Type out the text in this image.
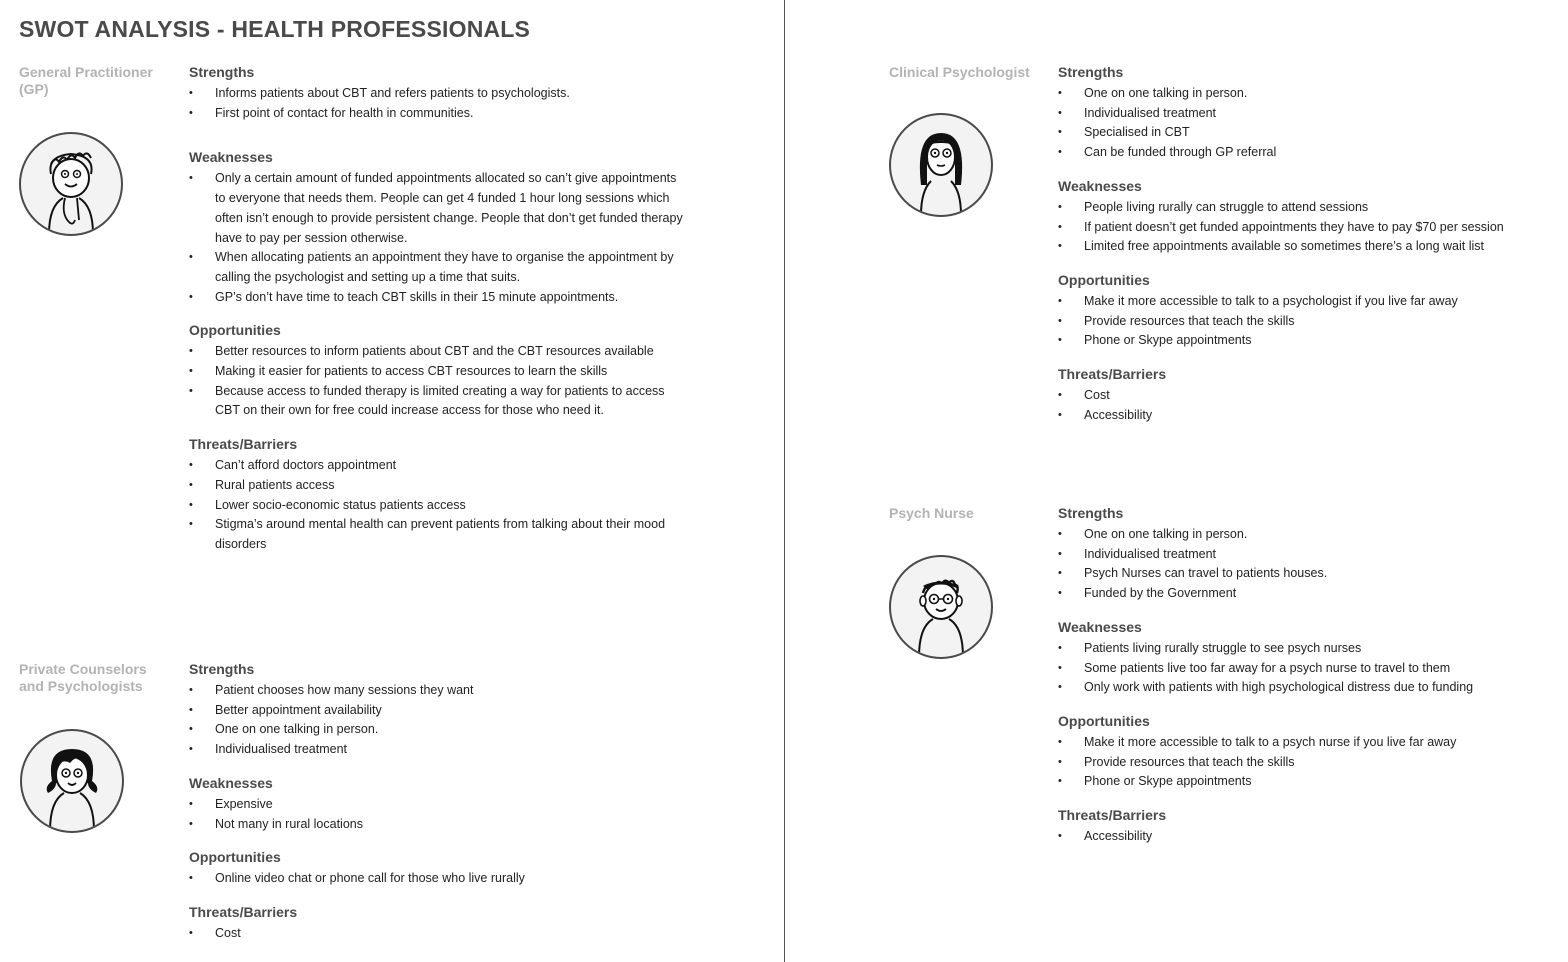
SWOT ANALYSIS - HEALTH PROFESSIONALS
General Practitioner (GP)
Strengths
• Informs patients about CBT and refers patients to psychologists.
• First point of contact for health in communities.
Weaknesses
• Only a certain amount of funded appointments allocated so can’t give appointments to everyone that needs them. People can get 4 funded 1 hour long sessions which often isn’t enough to provide persistent change. People that don’t get funded therapy have to pay per session otherwise.
• When allocating patients an appointment they have to organise the appointment by calling the psychologist and setting up a time that suits.
• GP’s don’t have time to teach CBT skills in their 15 minute appointments.
Opportunities
• Better resources to inform patients about CBT and the CBT resources available
• Making it easier for patients to access CBT resources to learn the skills
• Because access to funded therapy is limited creating a way for patients to access CBT on their own for free could increase access for those who need it.
Threats/Barriers
• Can’t afford doctors appointment
• Rural patients access
• Lower socio-economic status patients access
• Stigma’s around mental health can prevent patients from talking about their mood disorders
Private Counselors and Psychologists
Strengths
• Patient chooses how many sessions they want
• Better appointment availability
• One on one talking in person.
• Individualised treatment
Weaknesses
• Expensive
• Not many in rural locations
Opportunities
• Online video chat or phone call for those who live rurally
Threats/Barriers
• Cost
Clinical Psychologist	Strengths
• One on one talking in person.
• Individualised treatment
• Specialised in CBT
• Can be funded through GP referral
Weaknesses
• People living rurally can struggle to attend sessions
• If patient doesn’t get funded appointments they have to pay $70 per session
• Limited free appointments available so sometimes there’s a long wait list
Opportunities
• Make it more accessible to talk to a psychologist if you live far away
• Provide resources that teach the skills
• Phone or Skype appointments
Threats/Barriers
• Cost
• Accessibility
Psych Nurse	Strengths
• One on one talking in person.
• Individualised treatment
• Psych Nurses can travel to patients houses.
• Funded by the Government
Weaknesses
• Patients living rurally struggle to see psych nurses
• Some patients live too far away for a psych nurse to travel to them
• Only work with patients with high psychological distress due to funding
Opportunities
• Make it more accessible to talk to a psych nurse if you live far away
• Provide resources that teach the skills
• Phone or Skype appointments
Threats/Barriers
• Accessibility
